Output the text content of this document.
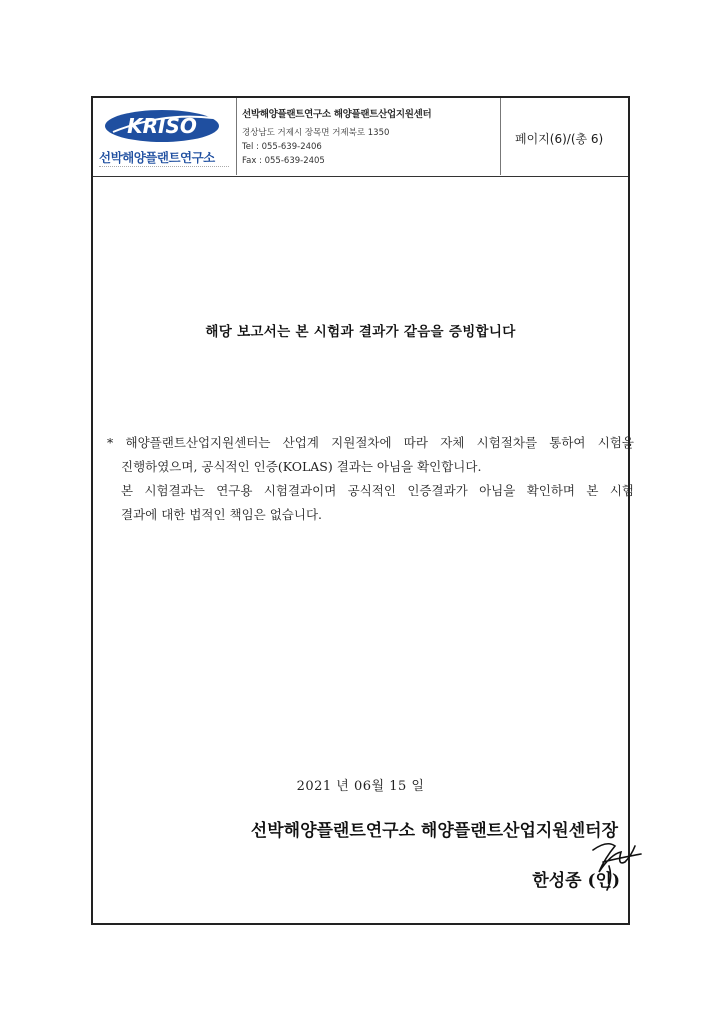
KRISO
선박해양플랜트연구소
선박해양플랜트연구소 해양플랜트산업지원센터
경상남도 거제시 장목면 거제북로 1350
Tel : 055-639-2406
Fax : 055-639-2405
페이지(6)/(총 6)
해당 보고서는 본 시험과 결과가 같음을 증빙합니다

* 해양플랜트산업지원센터는 산업계 지원절차에 따라 자체 시험절차를 통하여 시험을

진행하였으며, 공식적인 인증(KOLAS) 결과는 아님을 확인합니다.

본 시험결과는 연구용 시험결과이며 공식적인 인증결과가 아님을 확인하며 본 시험

결과에 대한 법적인 책임은 없습니다.

2021 년 06월 15 일
선박해양플랜트연구소 해양플랜트산업지원센터장
한성종 (인)
